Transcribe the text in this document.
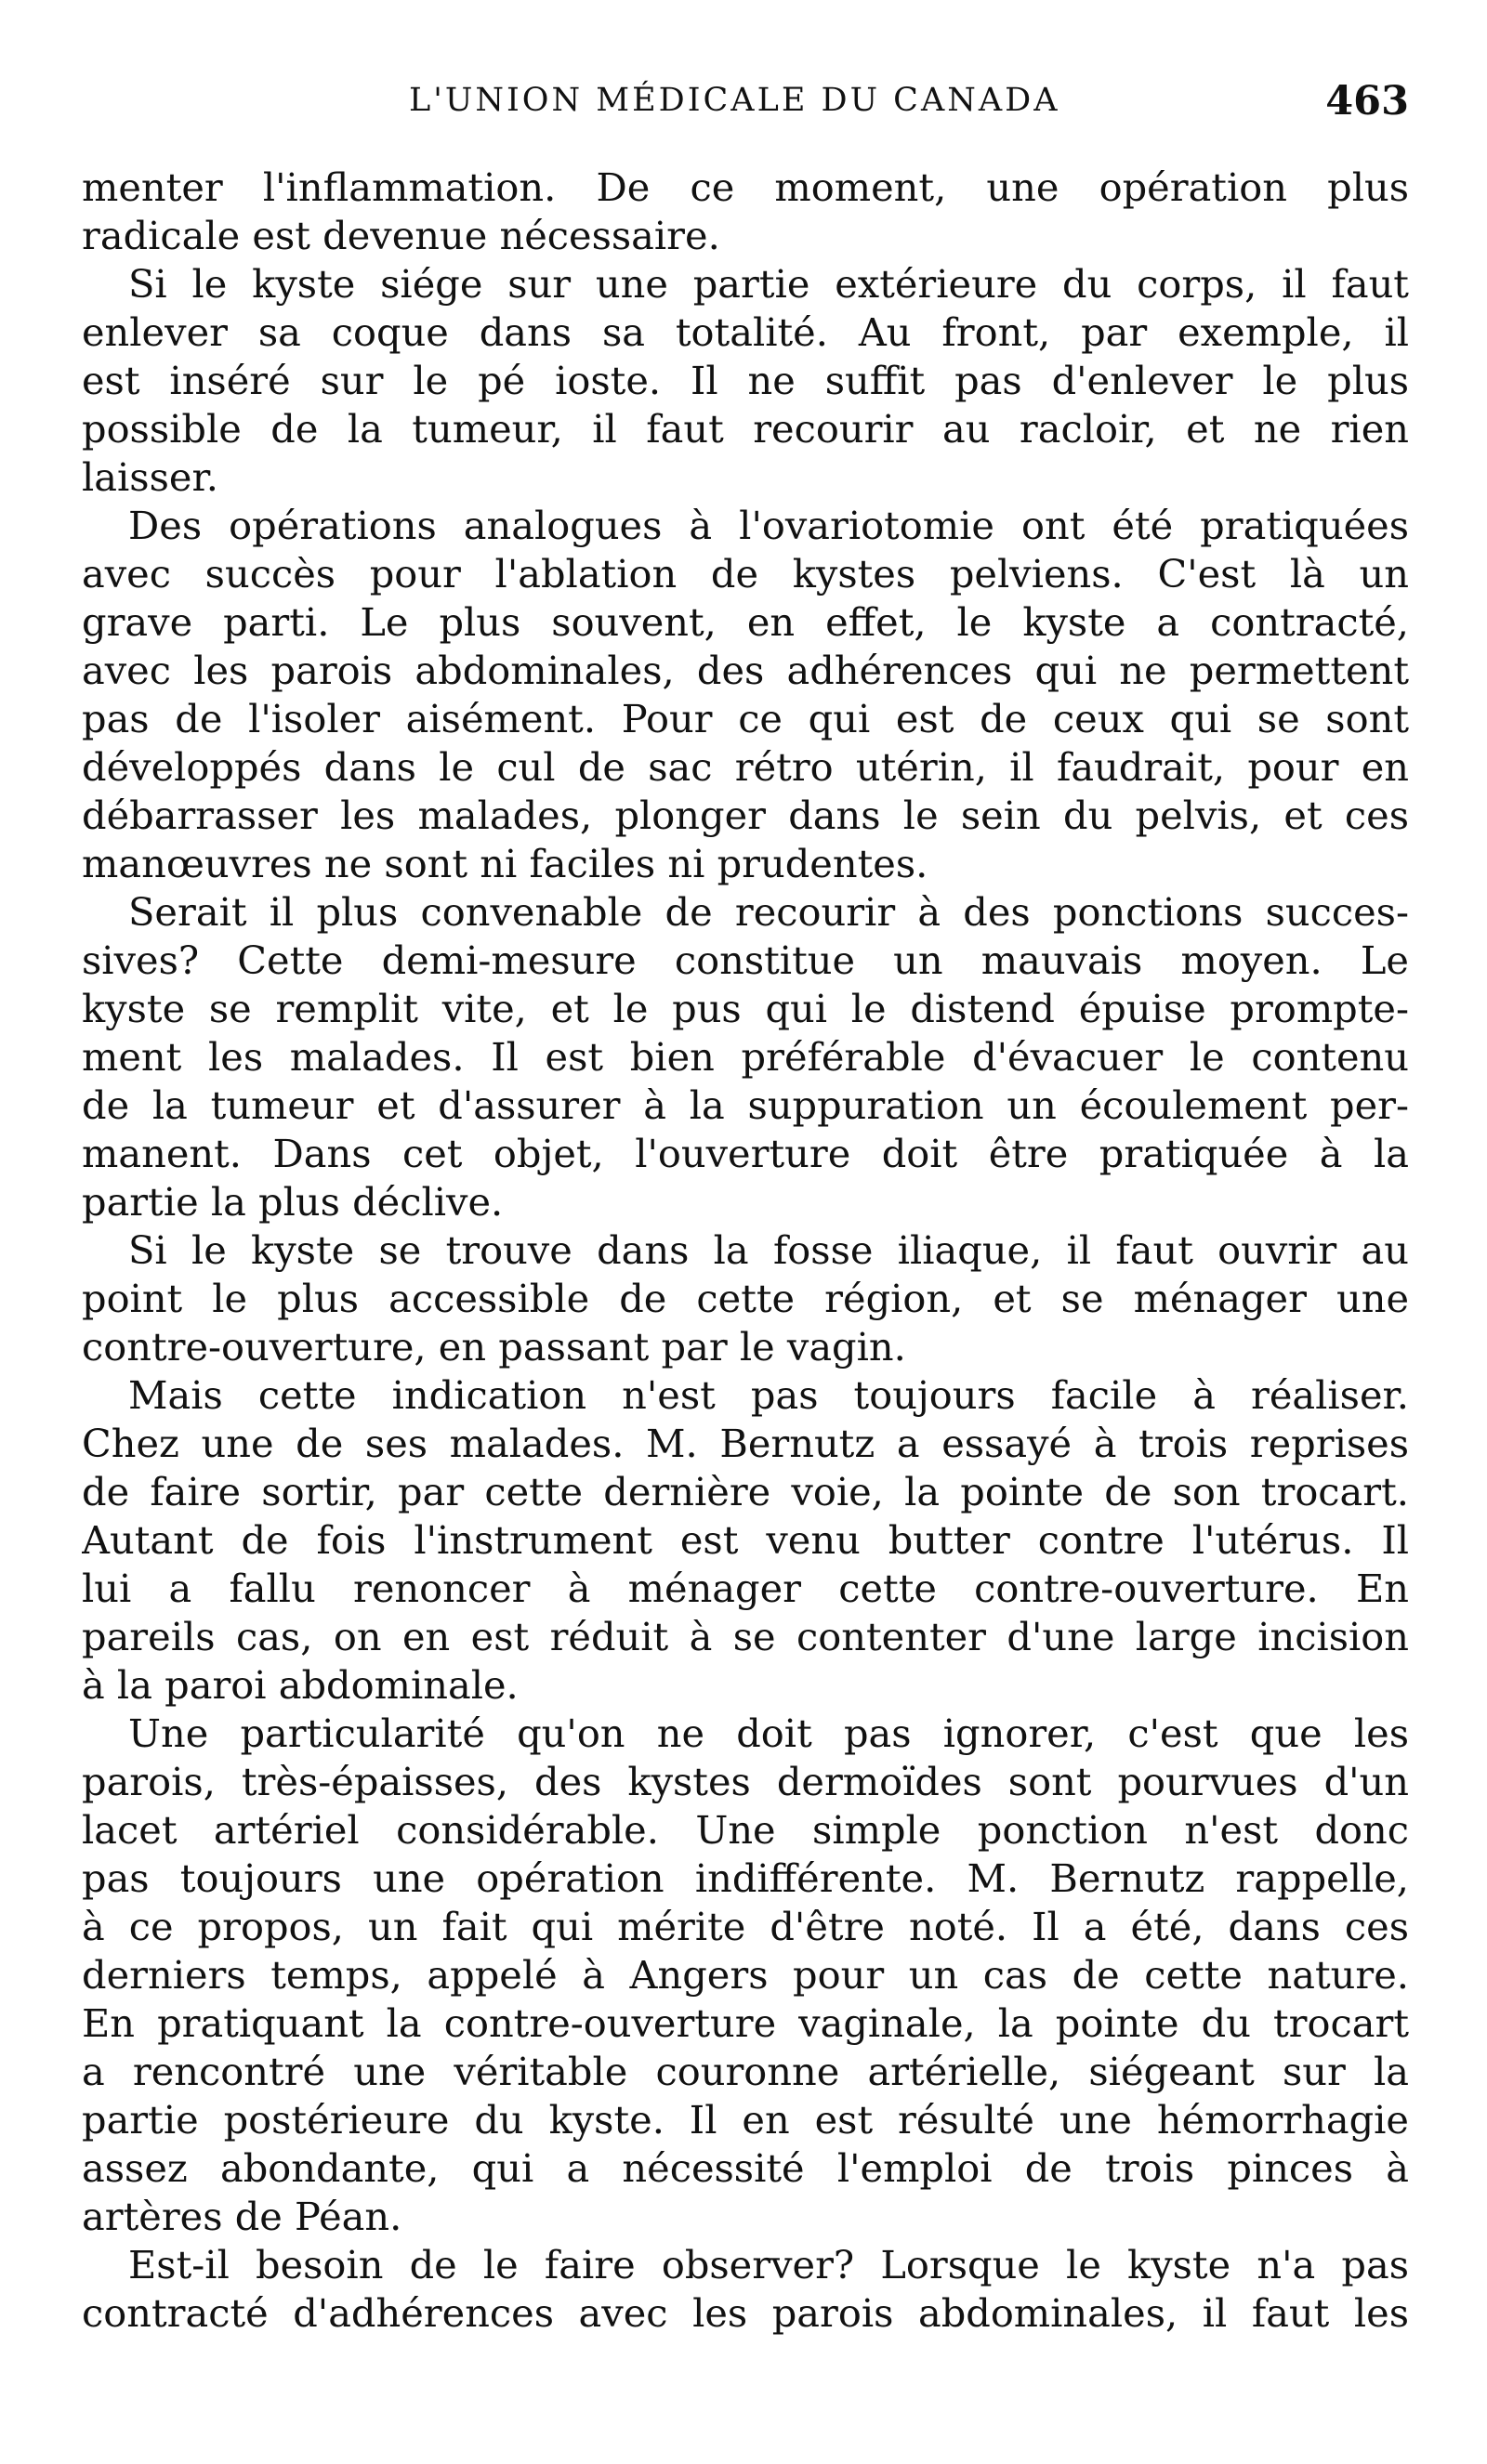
L'UNION MÉDICALE DU CANADA	463
menter l'inflammation. De ce moment, une opération plus
radicale est devenue nécessaire.
Si le kyste siége sur une partie extérieure du corps, il faut
enlever sa coque dans sa totalité. Au front, par exemple, il
est inséré sur le pé ioste. Il ne suffit pas d'enlever le plus
possible de la tumeur, il faut recourir au racloir, et ne rien
laisser.
Des opérations analogues à l'ovariotomie ont été pratiquées
avec succès pour l'ablation de kystes pelviens. C'est là un
grave parti. Le plus souvent, en effet, le kyste a contracté,
avec les parois abdominales, des adhérences qui ne permettent
pas de l'isoler aisément. Pour ce qui est de ceux qui se sont
développés dans le cul de sac rétro utérin, il faudrait, pour en
débarrasser les malades, plonger dans le sein du pelvis, et ces
manœuvres ne sont ni faciles ni prudentes.
Serait il plus convenable de recourir à des ponctions succes-
sives? Cette demi-mesure constitue un mauvais moyen. Le
kyste se remplit vite, et le pus qui le distend épuise prompte-
ment les malades. Il est bien préférable d'évacuer le contenu
de la tumeur et d'assurer à la suppuration un écoulement per-
manent. Dans cet objet, l'ouverture doit être pratiquée à la
partie la plus déclive.
Si le kyste se trouve dans la fosse iliaque, il faut ouvrir au
point le plus accessible de cette région, et se ménager une
contre-ouverture, en passant par le vagin.
Mais cette indication n'est pas toujours facile à réaliser.
Chez une de ses malades. M. Bernutz a essayé à trois reprises
de faire sortir, par cette dernière voie, la pointe de son trocart.
Autant de fois l'instrument est venu butter contre l'utérus. Il
lui a fallu renoncer à ménager cette contre-ouverture. En
pareils cas, on en est réduit à se contenter d'une large incision
à la paroi abdominale.
Une particularité qu'on ne doit pas ignorer, c'est que les
parois, très-épaisses, des kystes dermoïdes sont pourvues d'un
lacet artériel considérable. Une simple ponction n'est donc
pas toujours une opération indifférente. M. Bernutz rappelle,
à ce propos, un fait qui mérite d'être noté. Il a été, dans ces
derniers temps, appelé à Angers pour un cas de cette nature.
En pratiquant la contre-ouverture vaginale, la pointe du trocart
a rencontré une véritable couronne artérielle, siégeant sur la
partie postérieure du kyste. Il en est résulté une hémorrhagie
assez abondante, qui a nécessité l'emploi de trois pinces à
artères de Péan.
Est-il besoin de le faire observer? Lorsque le kyste n'a pas
contracté d'adhérences avec les parois abdominales, il faut les
